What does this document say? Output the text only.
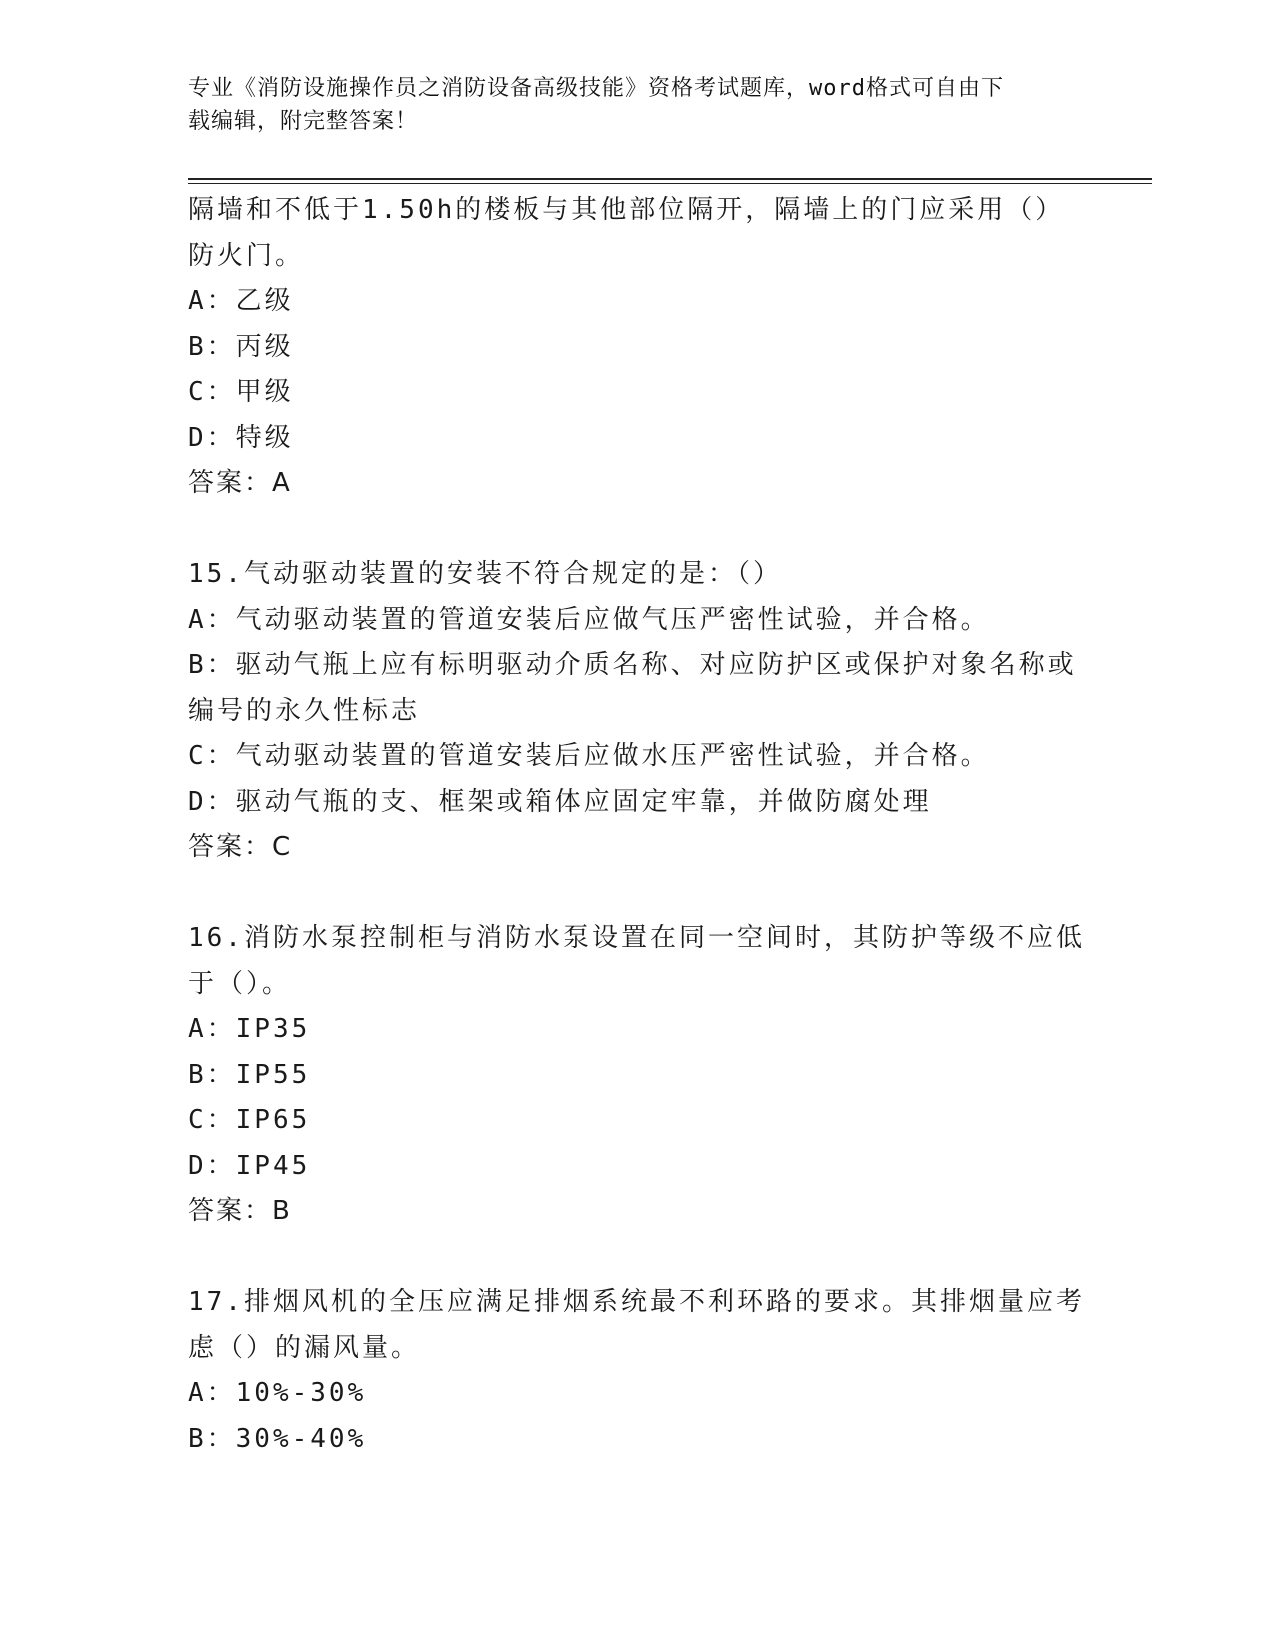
专业《消防设施操作员之消防设备高级技能》资格考试题库，word格式可自由下
载编辑，附完整答案！
隔墙和不低于1.50h的楼板与其他部位隔开，隔墙上的门应采用（）
防火门。
A：乙级
B：丙级
C：甲级
D：特级
答案：A
15.气动驱动装置的安装不符合规定的是：（）
A：气动驱动装置的管道安装后应做气压严密性试验，并合格。
B：驱动气瓶上应有标明驱动介质名称、对应防护区或保护对象名称或
编号的永久性标志
C：气动驱动装置的管道安装后应做水压严密性试验，并合格。
D：驱动气瓶的支、框架或箱体应固定牢靠，并做防腐处理
答案：C
16.消防水泵控制柜与消防水泵设置在同一空间时，其防护等级不应低
于（）。
A：IP35
B：IP55
C：IP65
D：IP45
答案：B
17.排烟风机的全压应满足排烟系统最不利环路的要求。其排烟量应考
虑（）的漏风量。
A：10%-30%
B：30%-40%
